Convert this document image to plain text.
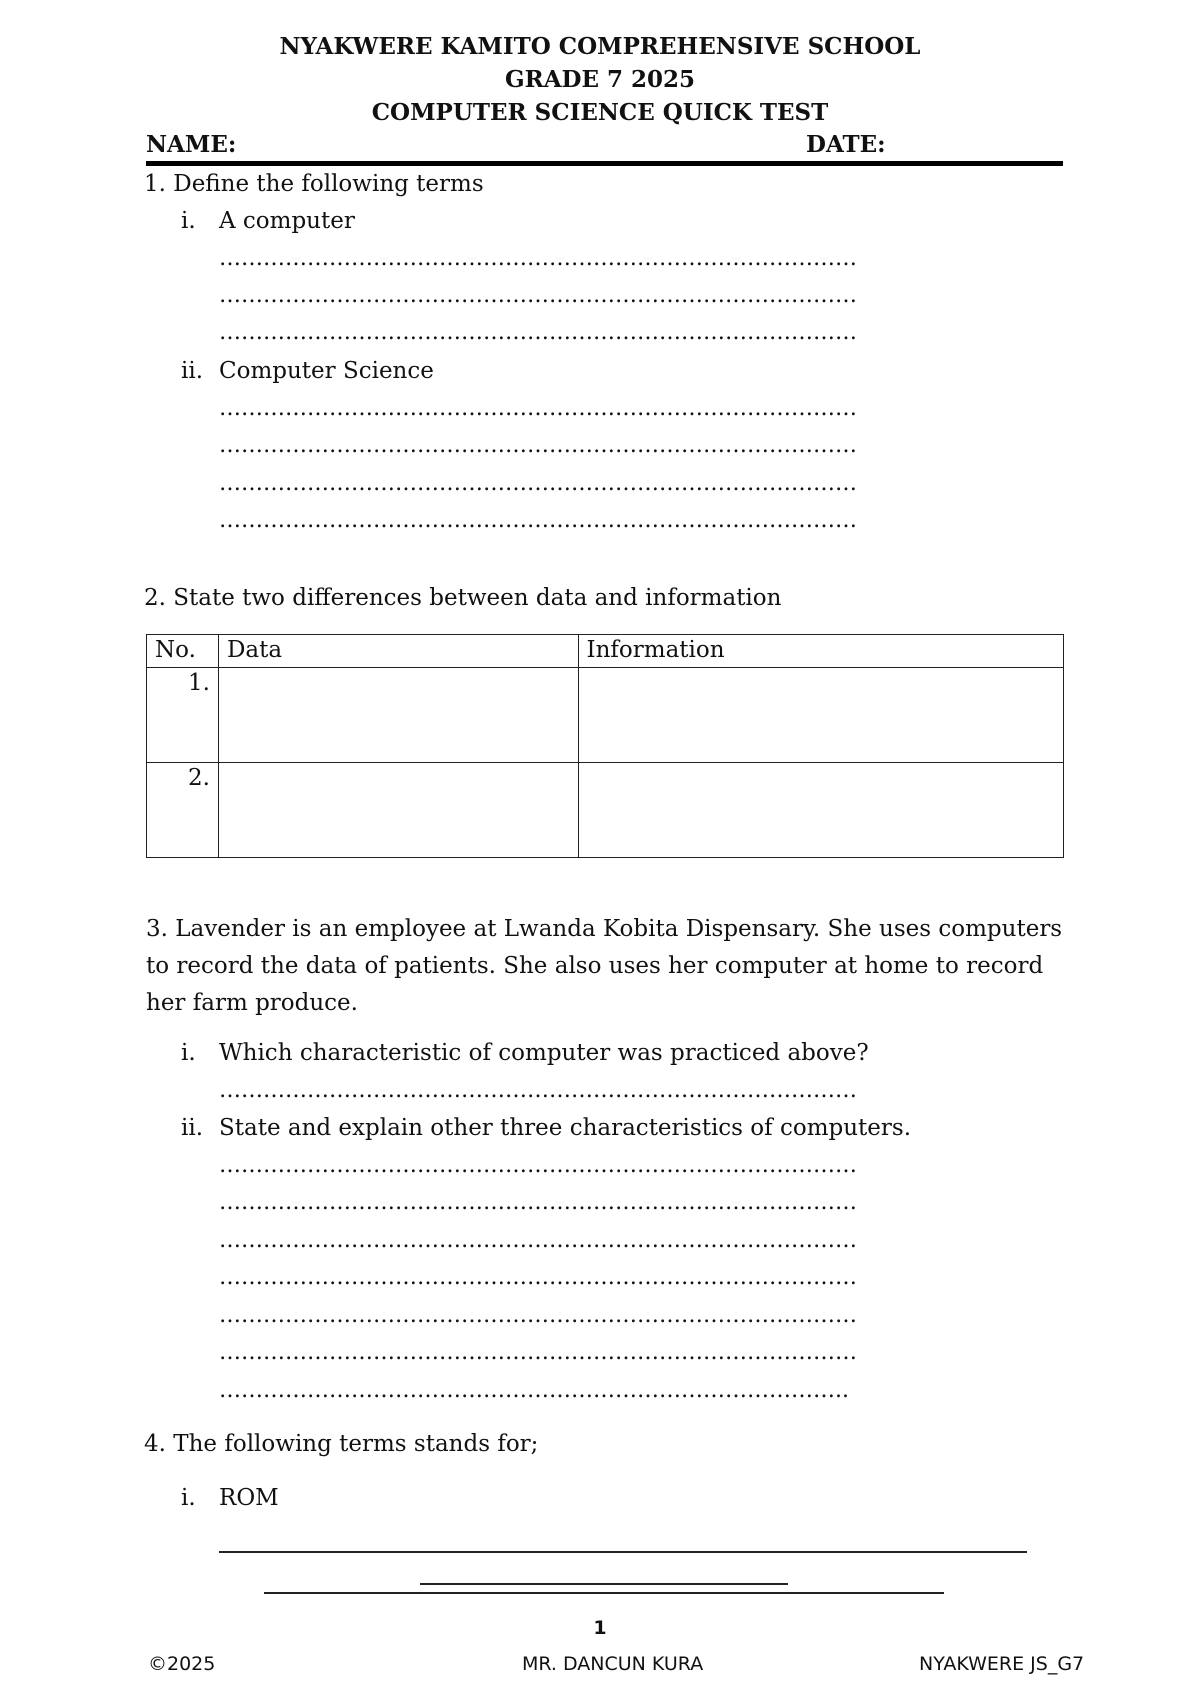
NYAKWERE KAMITO COMPREHENSIVE SCHOOL
GRADE 7 2025
COMPUTER SCIENCE QUICK TEST
NAME:	DATE:
1. Define the following terms
i. A computer
……………………………………………………………………………
……………………………………………………………………………
……………………………………………………………………………
ii. Computer Science
……………………………………………………………………………
……………………………………………………………………………
……………………………………………………………………………
……………………………………………………………………………
2. State two differences between data and information
No.	Data	Information
1.		
2.		
3. Lavender is an employee at Lwanda Kobita Dispensary. She uses computers to record the data of patients. She also uses her computer at home to record her farm produce.
i. Which characteristic of computer was practiced above?
……………………………………………………………………………
ii. State and explain other three characteristics of computers.
……………………………………………………………………………
……………………………………………………………………………
……………………………………………………………………………
……………………………………………………………………………
……………………………………………………………………………
……………………………………………………………………………
…………………………………………………………………………..
4. The following terms stands for;
i. ROM
1
©2025	MR. DANCUN KURA	NYAKWERE JS_G7
